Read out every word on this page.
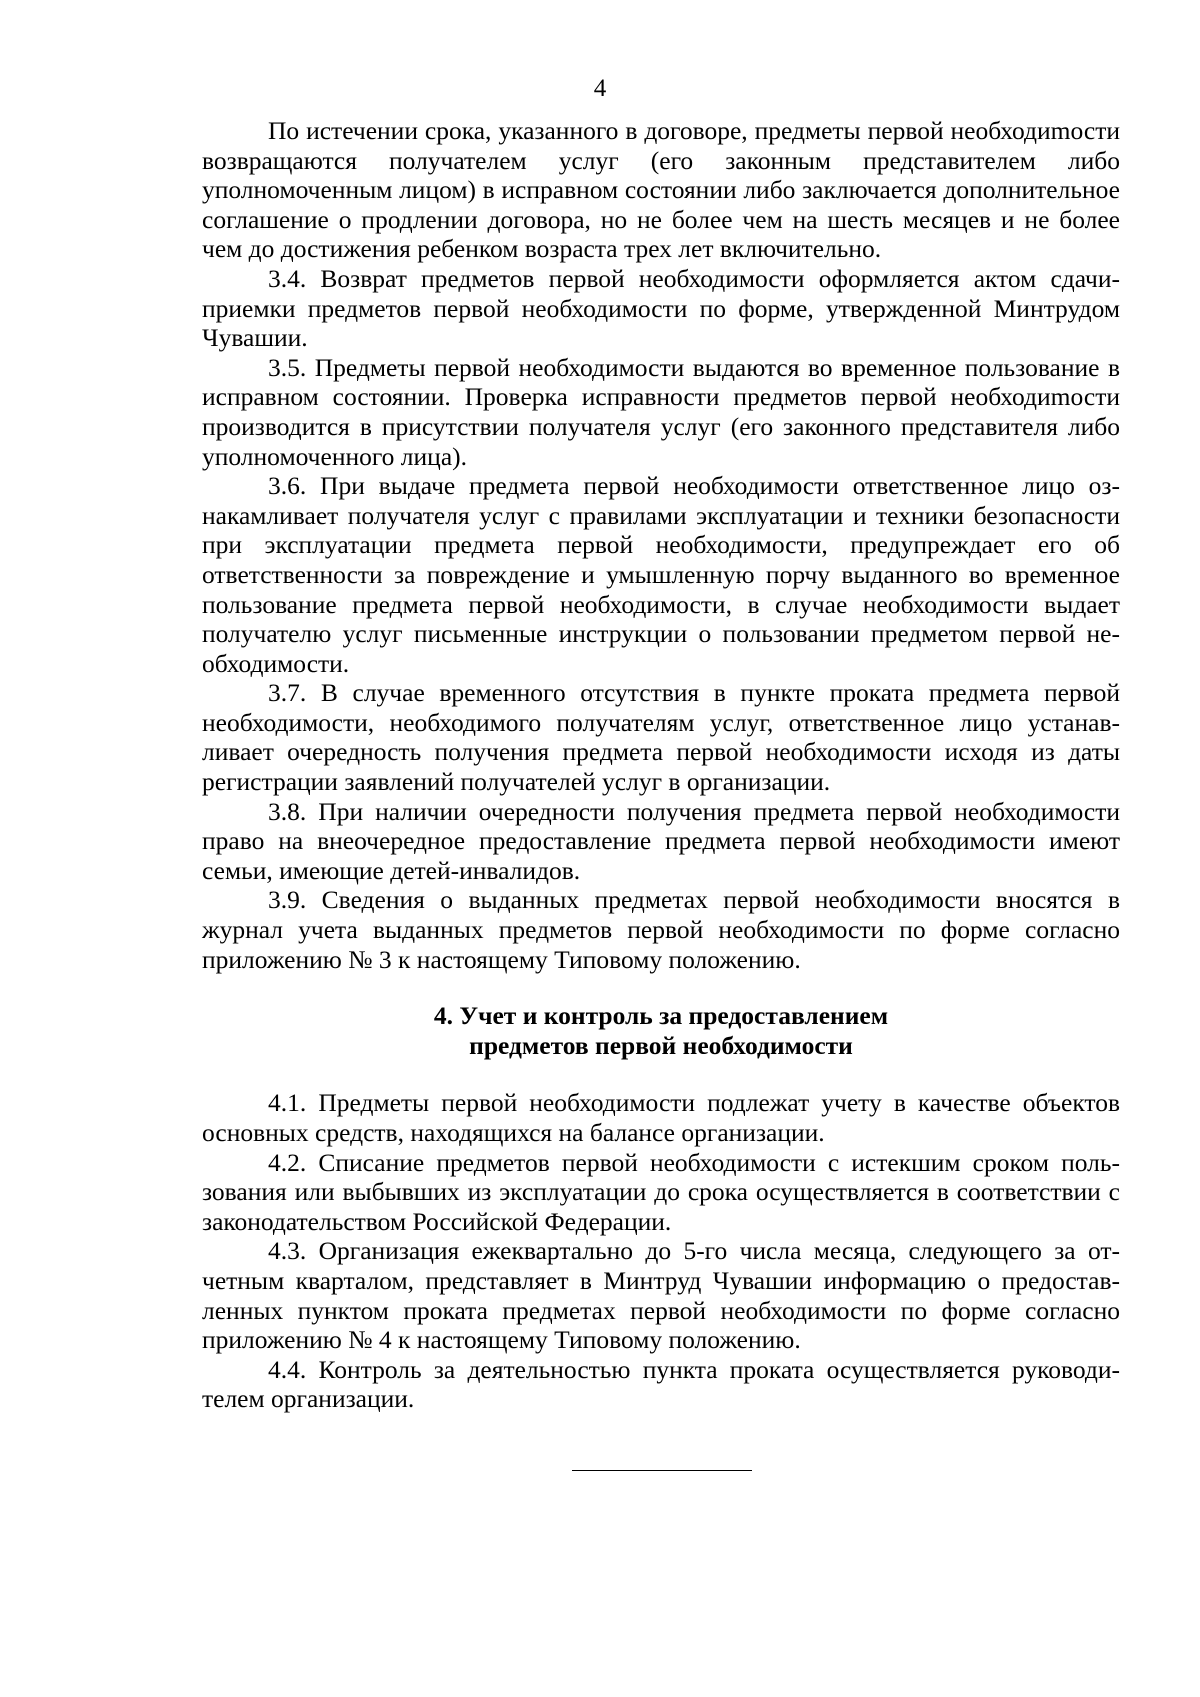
4

По истечении срока, указанного в договоре, предметы первой необходиmости возвращаются получателем услуг (его законным представителем либо уполномоченным лицом) в исправном состоянии либо заключается дополнительное соглашение о продлении договора, но не более чем на шесть месяцев и не более чем до достижения ребенком возраста трех лет включительно.

3.4. Возврат предметов первой необходимости оформляется актом сдачи-приемки предметов первой необходимости по форме, утвержденной Минтрудом Чувашии.

3.5. Предметы первой необходимости выдаются во временное пользование в исправном состоянии. Проверка исправности предметов первой необходиmости производится в присутствии получателя услуг (его законного представителя либо уполномоченного лица).

3.6. При выдаче предмета первой необходимости ответственное лицо ознакамливает получателя услуг с правилами эксплуатации и техники безопасности при эксплуатации предмета первой необходимости, предупреждает его об ответственности за повреждение и умышленную порчу выданного во временное пользование предмета первой необходимости, в случае необходимости выдает получателю услуг письменные инструкции о пользовании предметом первой необходимости.

3.7. В случае временного отсутствия в пункте проката предмета первой необходимости, необходимого получателям услуг, ответственное лицо устанавливает очередность получения предмета первой необходимости исходя из даты регистрации заявлений получателей услуг в организации.

3.8. При наличии очередности получения предмета первой необходимости право на внеочередное предоставление предмета первой необходимости имеют семьи, имеющие детей-инвалидов.

3.9. Сведения о выданных предметах первой необходимости вносятся в журнал учета выданных предметов первой необходимости по форме согласно приложению № 3 к настоящему Типовому положению.

4. Учет и контроль за предоставлением
предметов первой необходимости

4.1. Предметы первой необходимости подлежат учету в качестве объектов основных средств, находящихся на балансе организации.

4.2. Списание предметов первой необходимости с истекшим сроком пользования или выбывших из эксплуатации до срока осуществляется в соответствии с законодательством Российской Федерации.

4.3. Организация ежеквартально до 5-го числа месяца, следующего за отчетным кварталом, представляет в Минтруд Чувашии информацию о предоставленных пунктом проката предметах первой необходимости по форме согласно приложению № 4 к настоящему Типовому положению.

4.4. Контроль за деятельностью пункта проката осуществляется руководителем организации.
